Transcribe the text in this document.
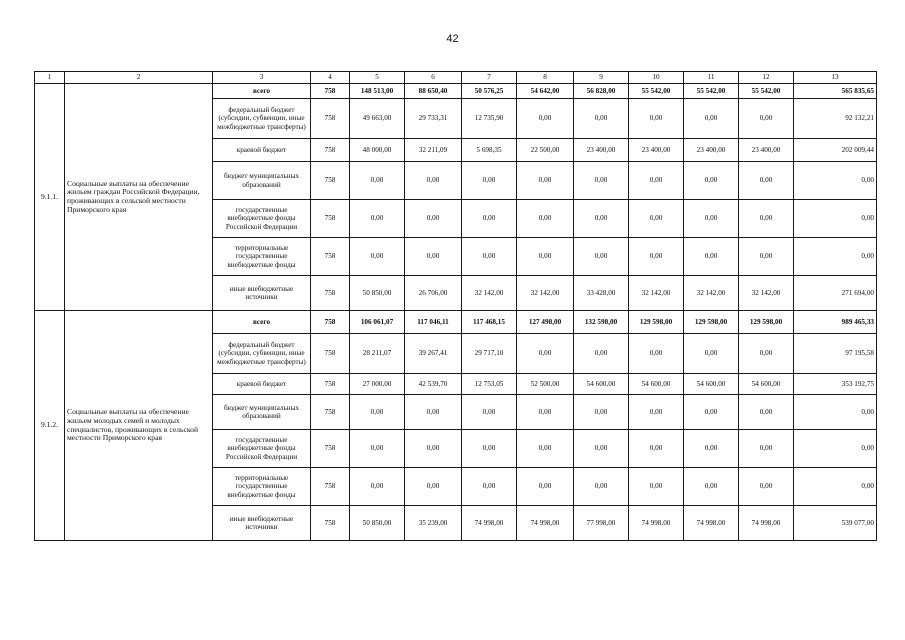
42
1	2	3	4	5	6	7	8	9	10	11	12	13
9.1.1.	Социальные выплаты на обеспечение жильем граждан Российской Федерации, проживающих в сельской местности Приморского края	всего	758	148 513,00	88 650,40	50 576,25	54 642,00	56 828,00	55 542,00	55 542,00	55 542,00	565 835,65
		федеральный бюджет (субсидии, субвенции, иные межбюджетные трансферты)	758	49 663,00	29 733,31	12 735,90	0,00	0,00	0,00	0,00	0,00	92 132,21
		краевой бюджет	758	48 000,00	32 211,09	5 698,35	22 500,00	23 400,00	23 400,00	23 400,00	23 400,00	202 009,44
		бюджет муниципальных образований	758	0,00	0,00	0,00	0,00	0,00	0,00	0,00	0,00	0,00
		государственные внебюджетные фонды Российской Федерации	758	0,00	0,00	0,00	0,00	0,00	0,00	0,00	0,00	0,00
		территориальные государственные внебюджетные фонды	758	0,00	0,00	0,00	0,00	0,00	0,00	0,00	0,00	0,00
		иные внебюджетные источники	758	50 850,00	26 706,00	32 142,00	32 142,00	33 428,00	32 142,00	32 142,00	32 142,00	271 694,00
9.1.2.	Социальные выплаты на обеспечение жильем молодых семей и молодых специалистов, проживающих в сельской местности Приморского края	всего	758	106 061,07	117 046,11	117 468,15	127 498,00	132 598,00	129 598,00	129 598,00	129 598,00	989 465,33
		федеральный бюджет (субсидии, субвенции, иные межбюджетные трансферты)	758	28 211,07	39 267,41	29 717,10	0,00	0,00	0,00	0,00	0,00	97 195,58
		краевой бюджет	758	27 000,00	42 539,70	12 753,05	52 500,00	54 600,00	54 600,00	54 600,00	54 600,00	353 192,75
		бюджет муниципальных образований	758	0,00	0,00	0,00	0,00	0,00	0,00	0,00	0,00	0,00
		государственные внебюджетные фонды Российской Федерации	758	0,00	0,00	0,00	0,00	0,00	0,00	0,00	0,00	0,00
		территориальные государственные внебюджетные фонды	758	0,00	0,00	0,00	0,00	0,00	0,00	0,00	0,00	0,00
		иные внебюджетные источники	758	50 850,00	35 239,00	74 998,00	74 998,00	77 998,00	74 998,00	74 998,00	74 998,00	539 077,00
